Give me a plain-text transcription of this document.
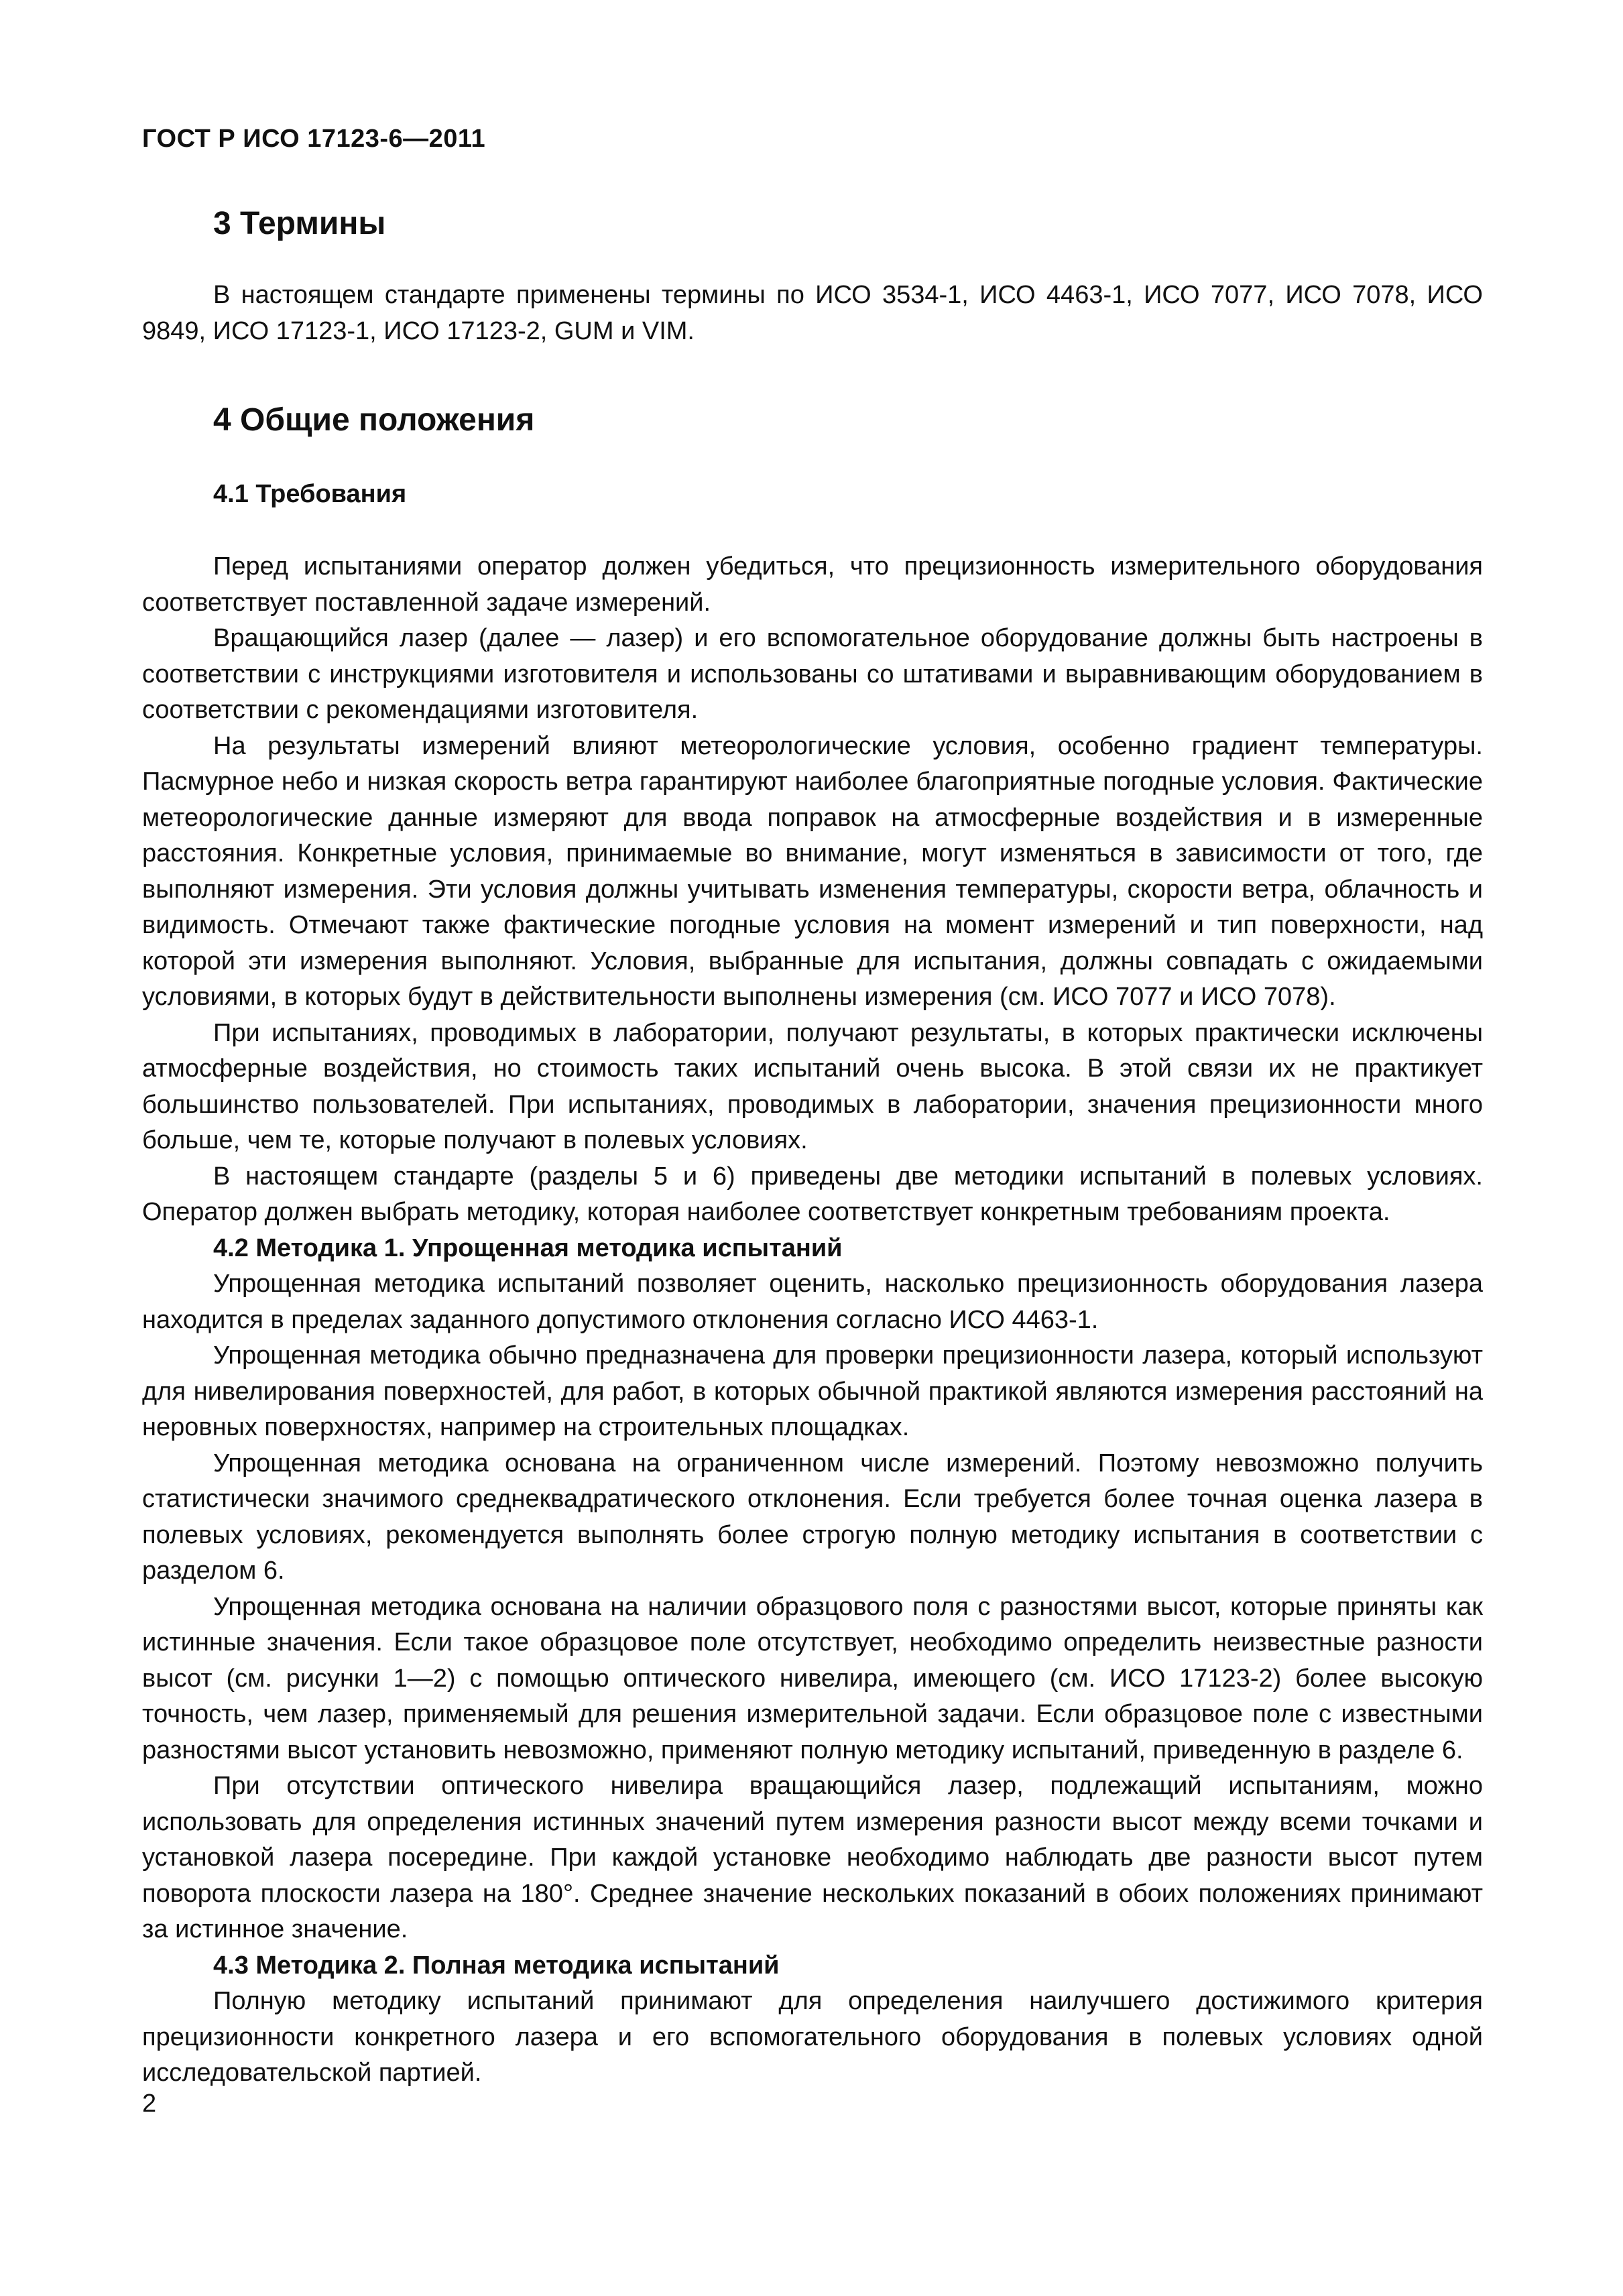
ГОСТ Р ИСО 17123-6—2011
3 Термины

В настоящем стандарте применены термины по ИСО 3534-1, ИСО 4463-1, ИСО 7077, ИСО 7078, ИСО 9849, ИСО 17123-1, ИСО 17123-2, GUM и VIM.

4 Общие положения
4.1 Требования

Перед испытаниями оператор должен убедиться, что прецизионность измерительного оборудования соответствует поставленной задаче измерений.

Вращающийся лазер (далее — лазер) и его вспомогательное оборудование должны быть настроены в соответствии с инструкциями изготовителя и использованы со штативами и выравнивающим оборудованием в соответствии с рекомендациями изготовителя.

На результаты измерений влияют метеорологические условия, особенно градиент температуры. Пасмурное небо и низкая скорость ветра гарантируют наиболее благоприятные погодные условия. Фактические метеорологические данные измеряют для ввода поправок на атмосферные воздействия и в измеренные расстояния. Конкретные условия, принимаемые во внимание, могут изменяться в зависимости от того, где выполняют измерения. Эти условия должны учитывать изменения температуры, скорости ветра, облачность и видимость. Отмечают также фактические погодные условия на момент измерений и тип поверхности, над которой эти измерения выполняют. Условия, выбранные для испытания, должны совпадать с ожидаемыми условиями, в которых будут в действительности выполнены измерения (см. ИСО 7077 и ИСО 7078).

При испытаниях, проводимых в лаборатории, получают результаты, в которых практически исключены атмосферные воздействия, но стоимость таких испытаний очень высока. В этой связи их не практикует большинство пользователей. При испытаниях, проводимых в лаборатории, значения прецизионности много больше, чем те, которые получают в полевых условиях.

В настоящем стандарте (разделы 5 и 6) приведены две методики испытаний в полевых условиях. Оператор должен выбрать методику, которая наиболее соответствует конкретным требованиям проекта.

4.2 Методика 1. Упрощенная методика испытаний

Упрощенная методика испытаний позволяет оценить, насколько прецизионность оборудования лазера находится в пределах заданного допустимого отклонения согласно ИСО 4463-1.

Упрощенная методика обычно предназначена для проверки прецизионности лазера, который используют для нивелирования поверхностей, для работ, в которых обычной практикой являются измерения расстояний на неровных поверхностях, например на строительных площадках.

Упрощенная методика основана на ограниченном числе измерений. Поэтому невозможно получить статистически значимого среднеквадратического отклонения. Если требуется более точная оценка лазера в полевых условиях, рекомендуется выполнять более строгую полную методику испытания в соответствии с разделом 6.

Упрощенная методика основана на наличии образцового поля с разностями высот, которые приняты как истинные значения. Если такое образцовое поле отсутствует, необходимо определить неизвестные разности высот (см. рисунки 1—2) с помощью оптического нивелира, имеющего (см. ИСО 17123-2) более высокую точность, чем лазер, применяемый для решения измерительной задачи. Если образцовое поле с известными разностями высот установить невозможно, применяют полную методику испытаний, приведенную в разделе 6.

При отсутствии оптического нивелира вращающийся лазер, подлежащий испытаниям, можно использовать для определения истинных значений путем измерения разности высот между всеми точками и установкой лазера посередине. При каждой установке необходимо наблюдать две разности высот путем поворота плоскости лазера на 180°. Среднее значение нескольких показаний в обоих положениях принимают за истинное значение.

4.3 Методика 2. Полная методика испытаний

Полную методику испытаний принимают для определения наилучшего достижимого критерия прецизионности конкретного лазера и его вспомогательного оборудования в полевых условиях одной исследовательской партией.

2
